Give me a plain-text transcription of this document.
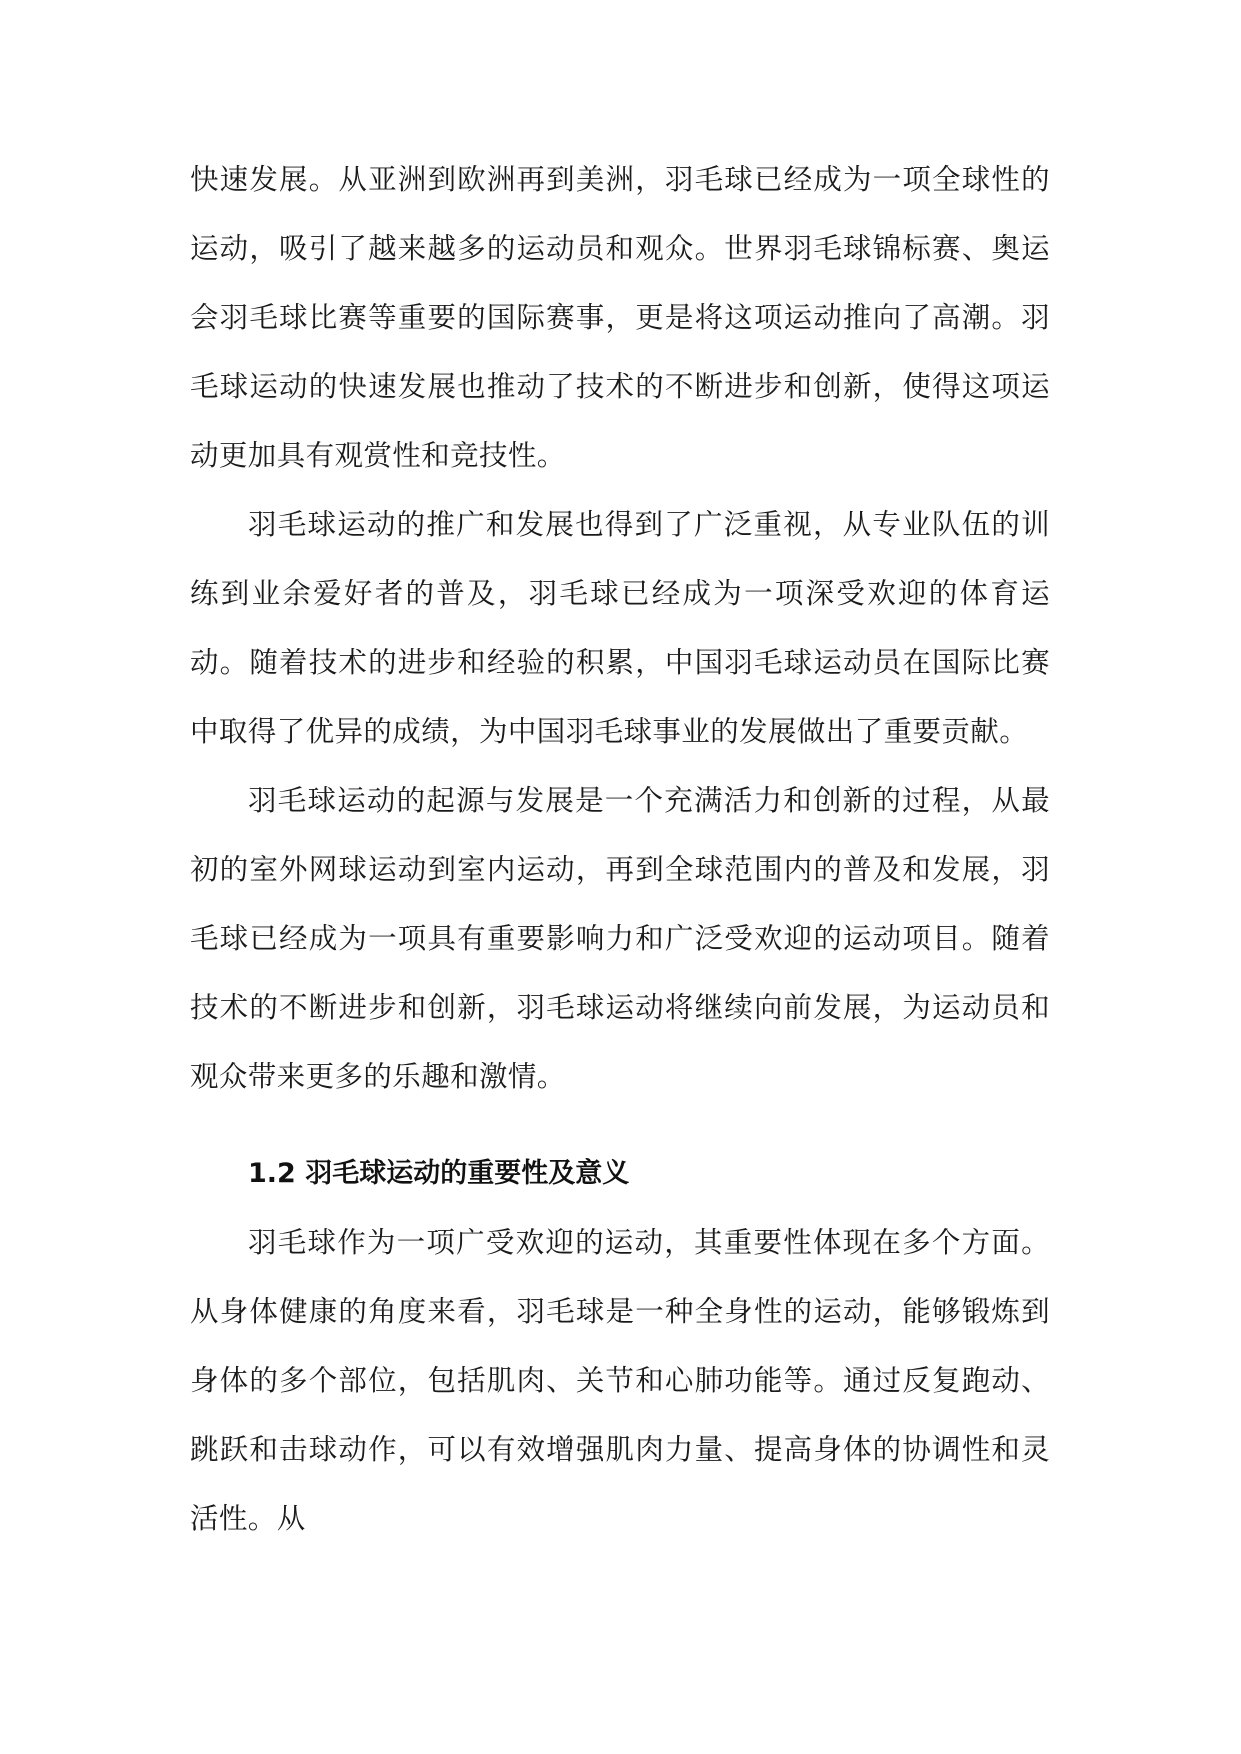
快速发展。从亚洲到欧洲再到美洲，羽毛球已经成为一项全球性的运动，吸引了越来越多的运动员和观众。世界羽毛球锦标赛、奥运会羽毛球比赛等重要的国际赛事，更是将这项运动推向了高潮。羽毛球运动的快速发展也推动了技术的不断进步和创新，使得这项运动更加具有观赏性和竞技性。

羽毛球运动的推广和发展也得到了广泛重视，从专业队伍的训练到业余爱好者的普及，羽毛球已经成为一项深受欢迎的体育运动。随着技术的进步和经验的积累，中国羽毛球运动员在国际比赛中取得了优异的成绩，为中国羽毛球事业的发展做出了重要贡献。

羽毛球运动的起源与发展是一个充满活力和创新的过程，从最初的室外网球运动到室内运动，再到全球范围内的普及和发展，羽毛球已经成为一项具有重要影响力和广泛受欢迎的运动项目。随着技术的不断进步和创新，羽毛球运动将继续向前发展，为运动员和观众带来更多的乐趣和激情。

1.2 羽毛球运动的重要性及意义

羽毛球作为一项广受欢迎的运动，其重要性体现在多个方面。从身体健康的角度来看，羽毛球是一种全身性的运动，能够锻炼到身体的多个部位，包括肌肉、关节和心肺功能等。通过反复跑动、跳跃和击球动作，可以有效增强肌肉力量、提高身体的协调性和灵活性。从
